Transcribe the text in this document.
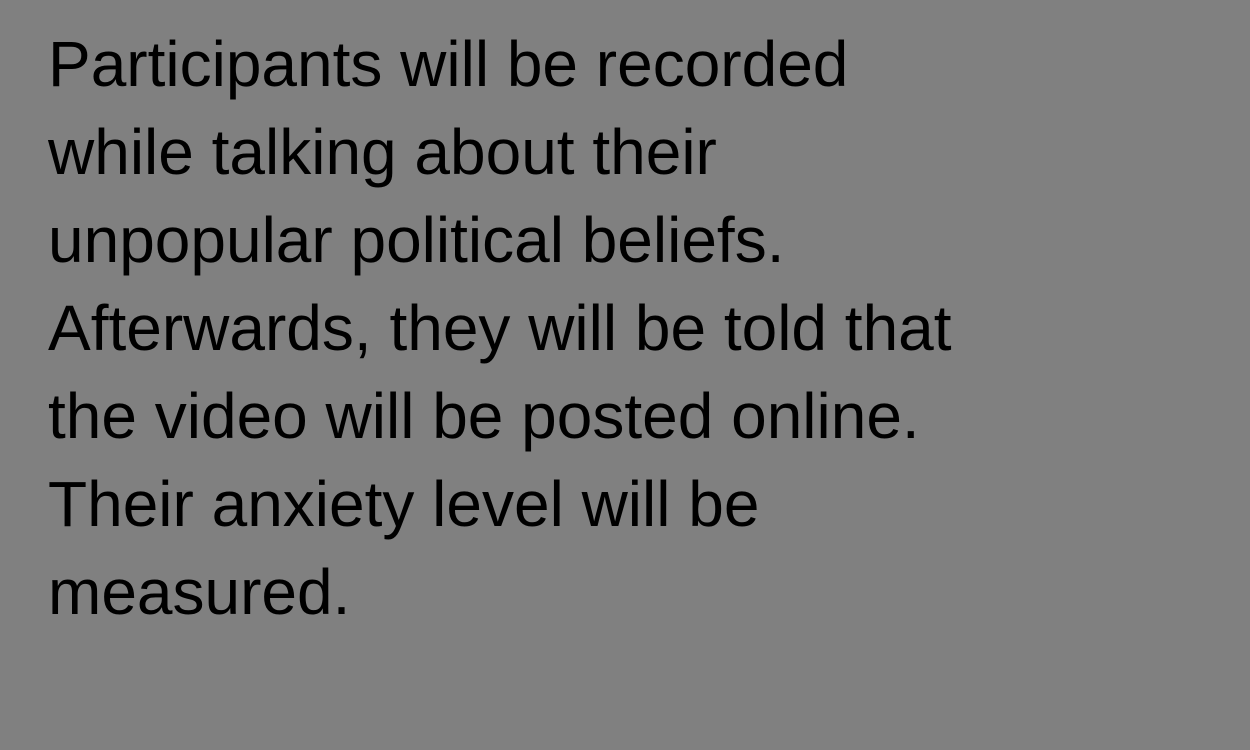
Participants will be recorded
while talking about their
unpopular political beliefs.
Afterwards, they will be told that
the video will be posted online.
Their anxiety level will be
measured.
